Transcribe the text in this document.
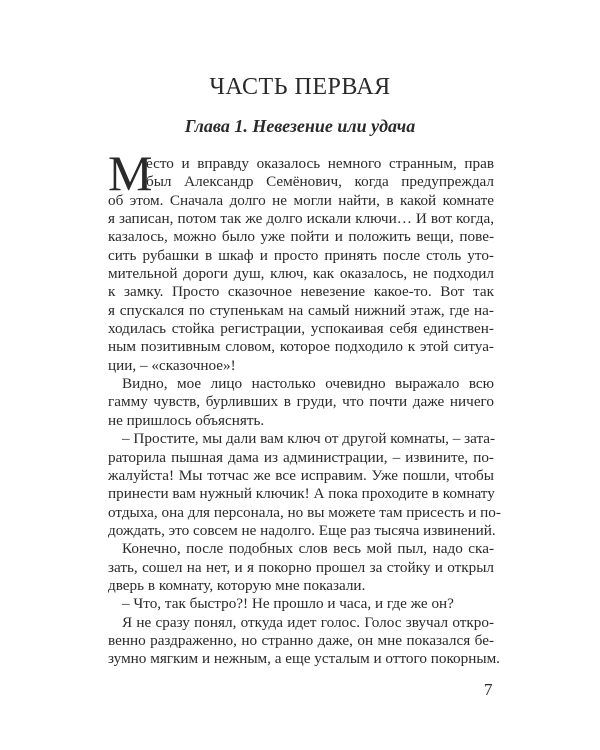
ЧАСТЬ ПЕРВАЯ
Глава 1. Невезение или удача
М
есто и вправду оказалось немного странным, прав
был Александр Семёнович, когда предупреждал
об этом. Сначала долго не могли найти, в какой комнате
я записан, потом так же долго искали ключи… И вот когда,
казалось, можно было уже пойти и положить вещи, пове-
сить рубашки в шкаф и просто принять после столь уто-
мительной дороги душ, ключ, как оказалось, не подходил
к замку. Просто сказочное невезение какое-то. Вот так
я спускался по ступенькам на самый нижний этаж, где на-
ходилась стойка регистрации, успокаивая себя единствен-
ным позитивным словом, которое подходило к этой ситуа-
ции, – «сказочное»!
Видно, мое лицо настолько очевидно выражало всю
гамму чувств, бурливших в груди, что почти даже ничего
не пришлось объяснять.
– Простите, мы дали вам ключ от другой комнаты, – зата-
раторила пышная дама из администрации, – извините, по-
жалуйста! Мы тотчас же все исправим. Уже пошли, чтобы
принести вам нужный ключик! А пока проходите в комнату
отдыха, она для персонала, но вы можете там присесть и по-
дождать, это совсем не надолго. Еще раз тысяча извинений.
Конечно, после подобных слов весь мой пыл, надо ска-
зать, сошел на нет, и я покорно прошел за стойку и открыл
дверь в комнату, которую мне показали.
– Что, так быстро?! Не прошло и часа, и где же он?
Я не сразу понял, откуда идет голос. Голос звучал откро-
венно раздраженно, но странно даже, он мне показался бе-
зумно мягким и нежным, а еще усталым и оттого покорным.
7
